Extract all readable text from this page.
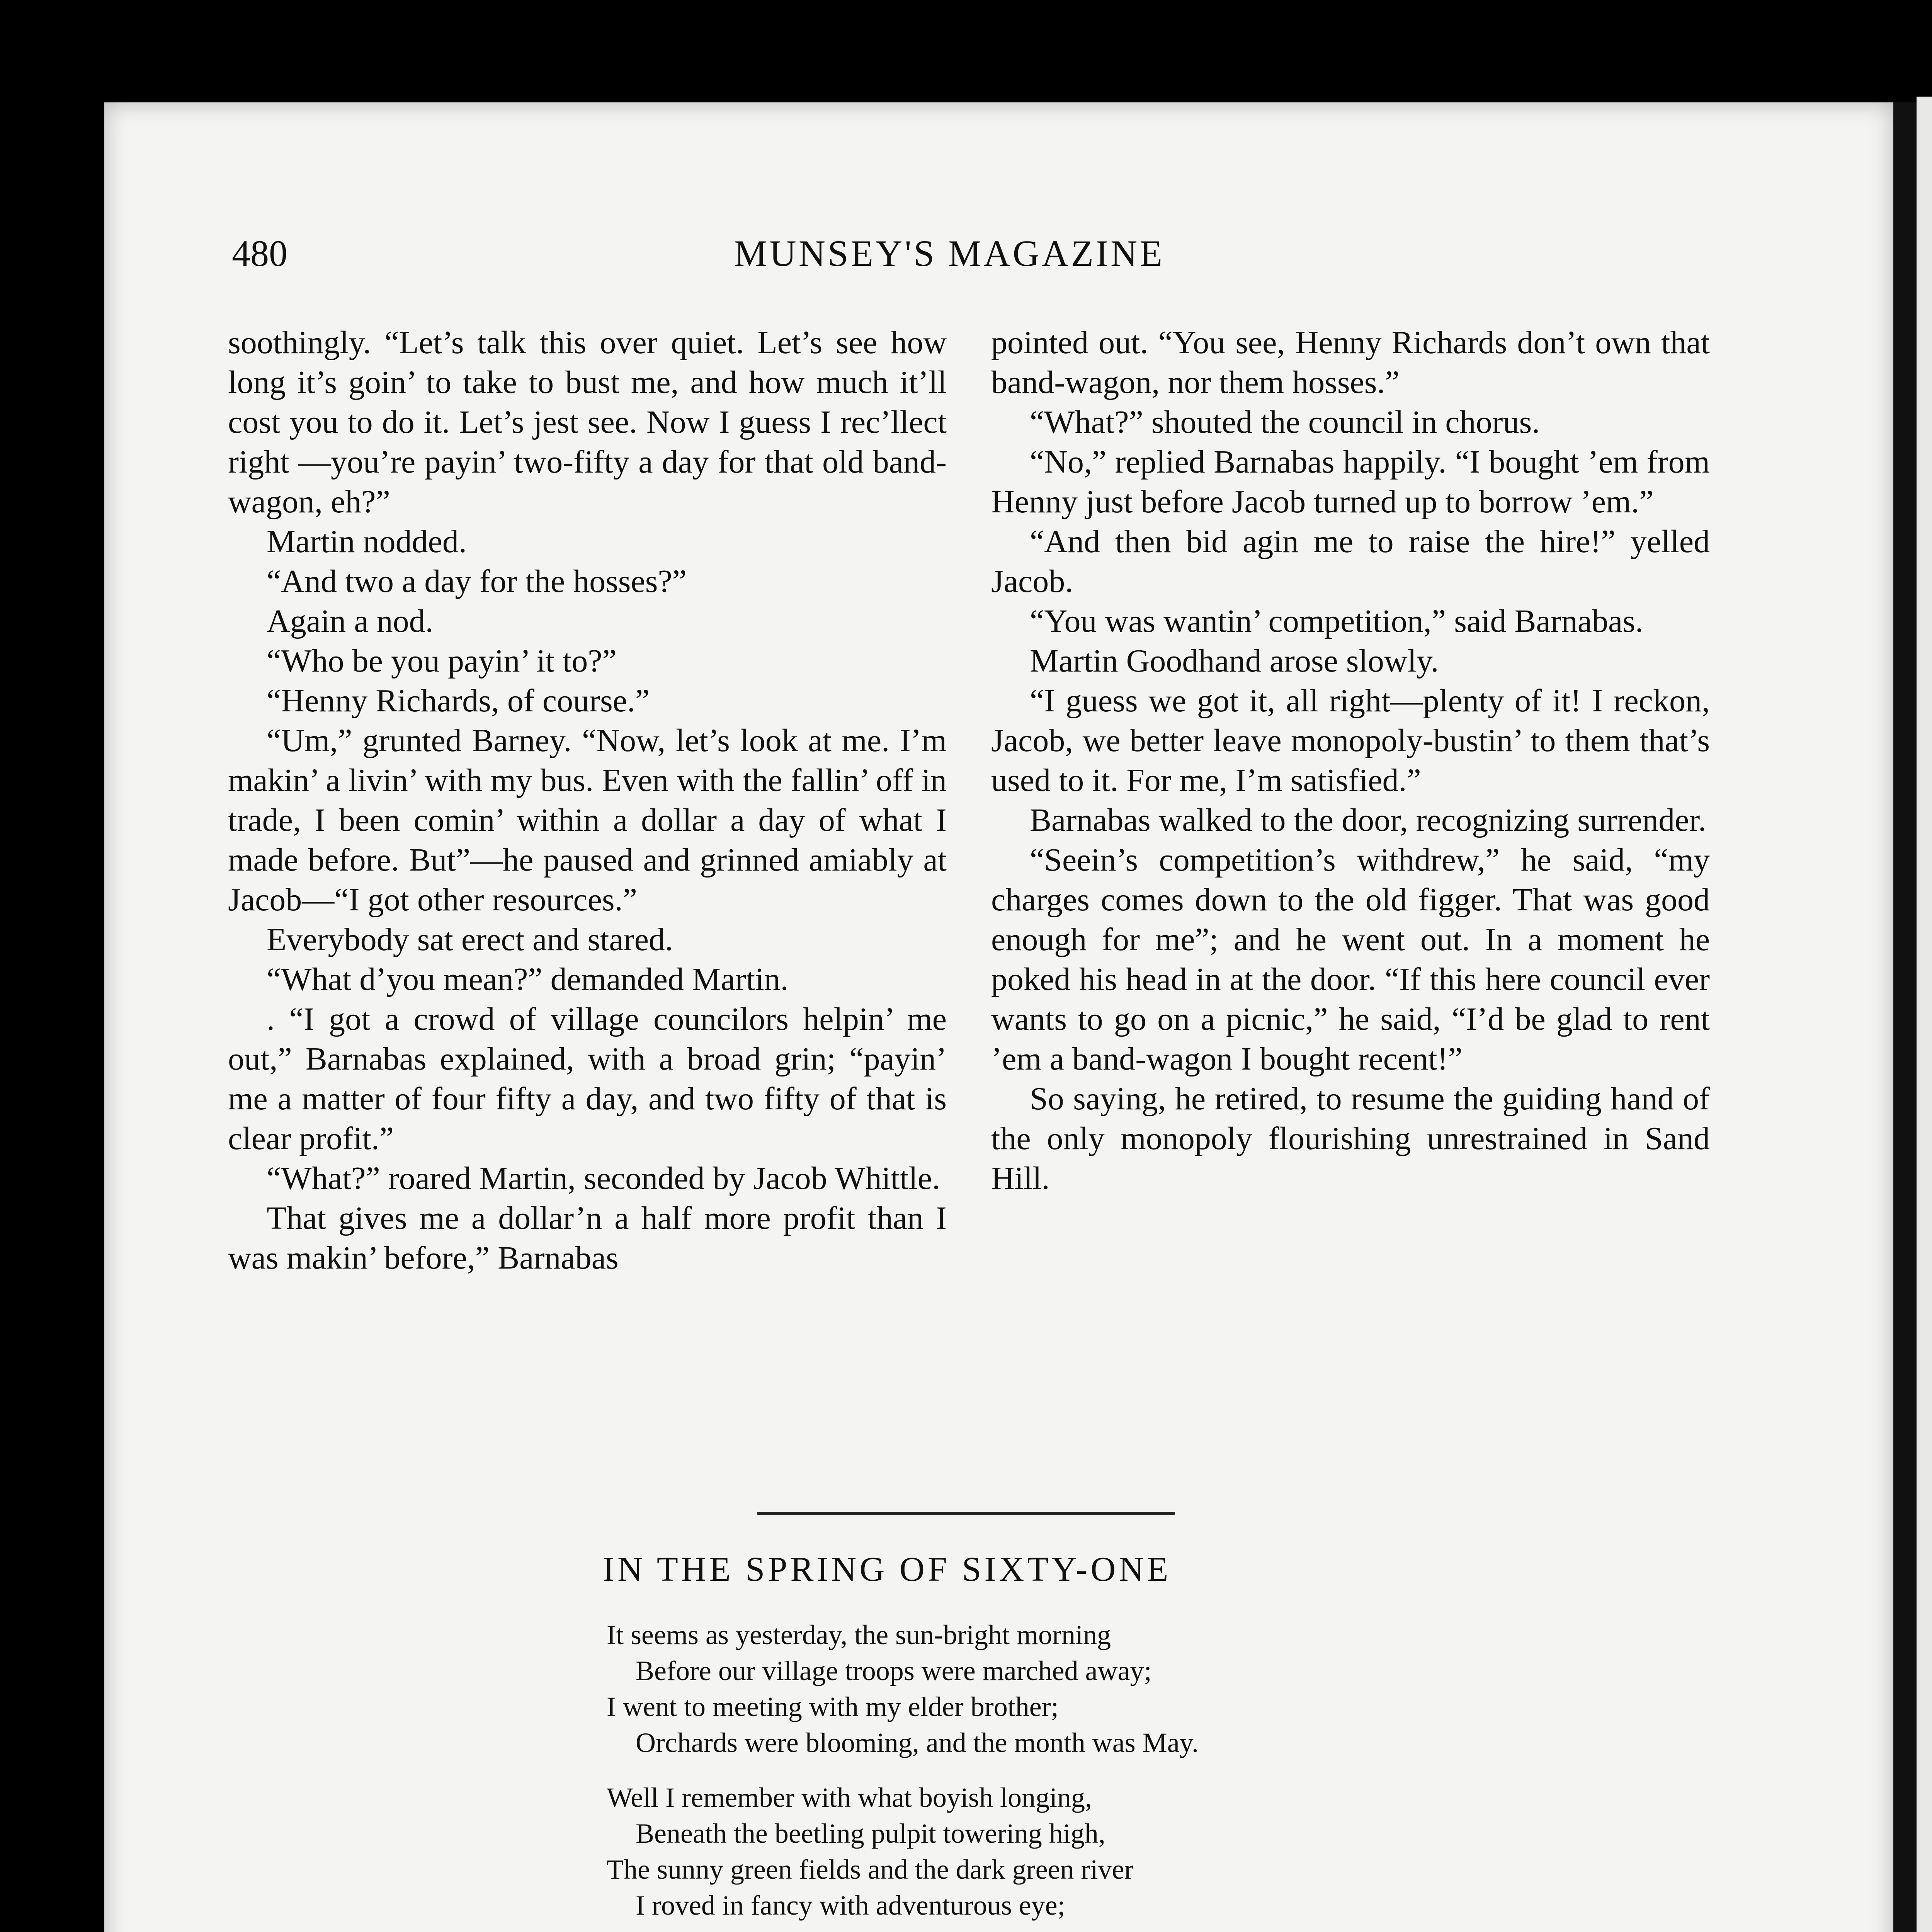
480	MUNSEY'S MAGAZINE

soothingly. “Let’s talk this over quiet. Let’s see how long it’s goin’ to take to bust me, and how much it’ll cost you to do it. Let’s jest see. Now I guess I rec’llect right —you’re payin’ two-fifty a day for that old band-wagon, eh?”

Martin nodded.

“And two a day for the hosses?”

Again a nod.

“Who be you payin’ it to?”

“Henny Richards, of course.”

“Um,” grunted Barney. “Now, let’s look at me. I’m makin’ a livin’ with my bus. Even with the fallin’ off in trade, I been comin’ within a dollar a day of what I made before. But”—he paused and grinned amiably at Jacob—“I got other resources.”

Everybody sat erect and stared.

“What d’you mean?” demanded Martin.

. “I got a crowd of village councilors helpin’ me out,” Barnabas explained, with a broad grin; “payin’ me a matter of four fifty a day, and two fifty of that is clear profit.”

“What?” roared Martin, seconded by Jacob Whittle.

That gives me a dollar’n a half more profit than I was makin’ before,” Barnabas

pointed out. “You see, Henny Richards don’t own that band-wagon, nor them hosses.”

“What?” shouted the council in chorus.

“No,” replied Barnabas happily. “I bought ’em from Henny just before Jacob turned up to borrow ’em.”

“And then bid agin me to raise the hire!” yelled Jacob.

“You was wantin’ competition,” said Barnabas.

Martin Goodhand arose slowly.

“I guess we got it, all right—plenty of it! I reckon, Jacob, we better leave monopoly-bustin’ to them that’s used to it. For me, I’m satisfied.”

Barnabas walked to the door, recognizing surrender.

“Seein’s competition’s withdrew,” he said, “my charges comes down to the old figger. That was good enough for me”; and he went out. In a moment he poked his head in at the door. “If this here council ever wants to go on a picnic,” he said, “I’d be glad to rent ’em a band-wagon I bought recent!”

So saying, he retired, to resume the guiding hand of the only monopoly flourishing unrestrained in Sand Hill.

IN THE SPRING OF SIXTY-ONE
It seems as yesterday, the sun-bright morning
Before our village troops were marched away;
I went to meeting with my elder brother;
Orchards were blooming, and the month was May.
Well I remember with what boyish longing,
Beneath the beetling pulpit towering high,
The sunny green fields and the dark green river
I roved in fancy with adventurous eye;
